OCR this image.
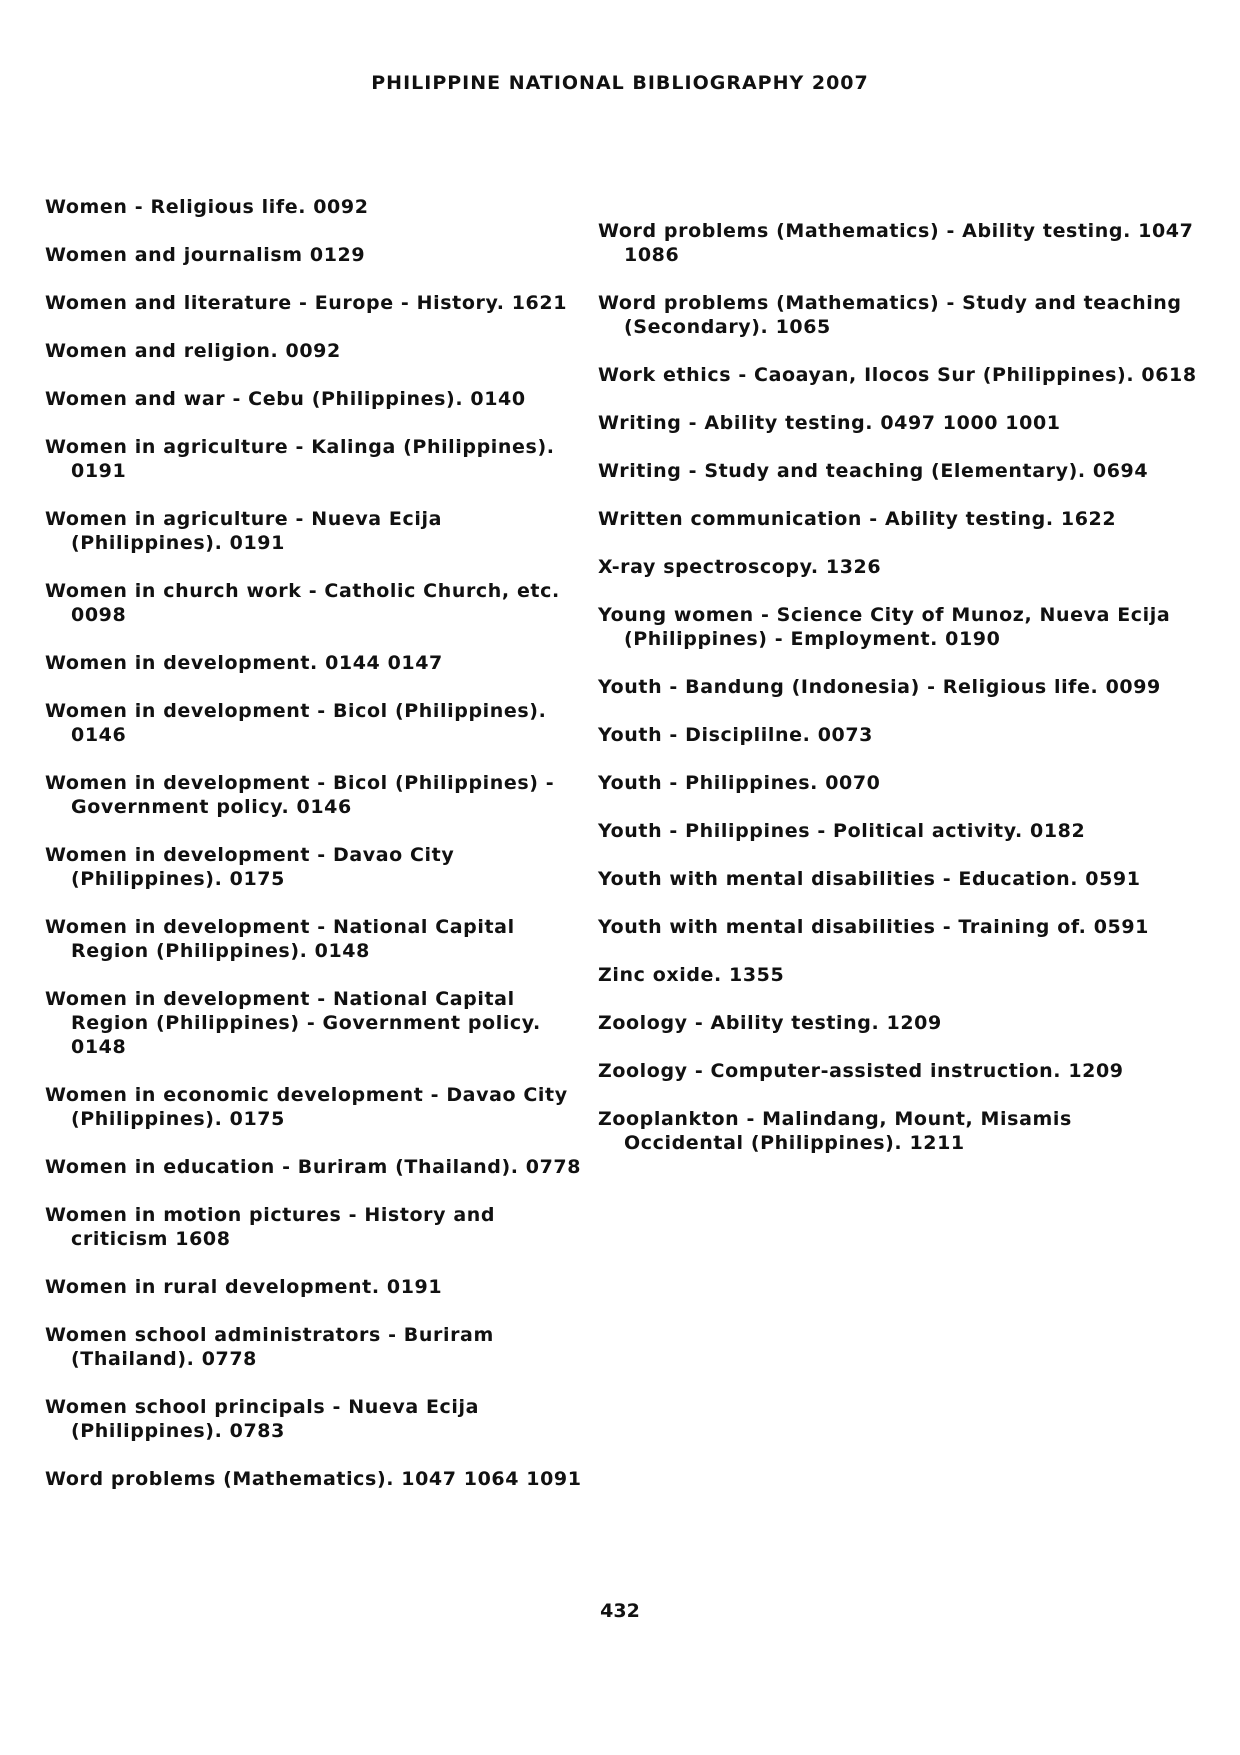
PHILIPPINE NATIONAL BIBLIOGRAPHY 2007

Women - Religious life. 0092

Women and journalism 0129

Women and literature - Europe - History. 1621

Women and religion. 0092

Women and war - Cebu (Philippines). 0140

Women in agriculture - Kalinga (Philippines). 0191

Women in agriculture - Nueva Ecija (Philippines). 0191

Women in church work - Catholic Church, etc. 0098

Women in development. 0144 0147

Women in development - Bicol (Philippines). 0146

Women in development - Bicol (Philippines) - Government policy. 0146

Women in development - Davao City (Philippines). 0175

Women in development - National Capital Region (Philippines). 0148

Women in development - National Capital Region (Philippines) - Government policy. 0148

Women in economic development - Davao City (Philippines). 0175

Women in education - Buriram (Thailand). 0778

Women in motion pictures - History and criticism 1608

Women in rural development. 0191

Women school administrators - Buriram (Thailand). 0778

Women school principals - Nueva Ecija (Philippines). 0783

Word problems (Mathematics). 1047 1064 1091

Word problems (Mathematics) - Ability testing. 1047 1086

Word problems (Mathematics) - Study and teaching (Secondary). 1065

Work ethics - Caoayan, Ilocos Sur (Philippines). 0618

Writing - Ability testing. 0497 1000 1001

Writing - Study and teaching (Elementary). 0694

Written communication - Ability testing. 1622

X-ray spectroscopy. 1326

Young women - Science City of Munoz, Nueva Ecija (Philippines) - Employment. 0190

Youth - Bandung (Indonesia) - Religious life. 0099

Youth - Disciplilne. 0073

Youth - Philippines. 0070

Youth - Philippines - Political activity. 0182

Youth with mental disabilities - Education. 0591

Youth with mental disabilities - Training of. 0591

Zinc oxide. 1355

Zoology - Ability testing. 1209

Zoology - Computer-assisted instruction. 1209

Zooplankton - Malindang, Mount, Misamis Occidental (Philippines). 1211

432
